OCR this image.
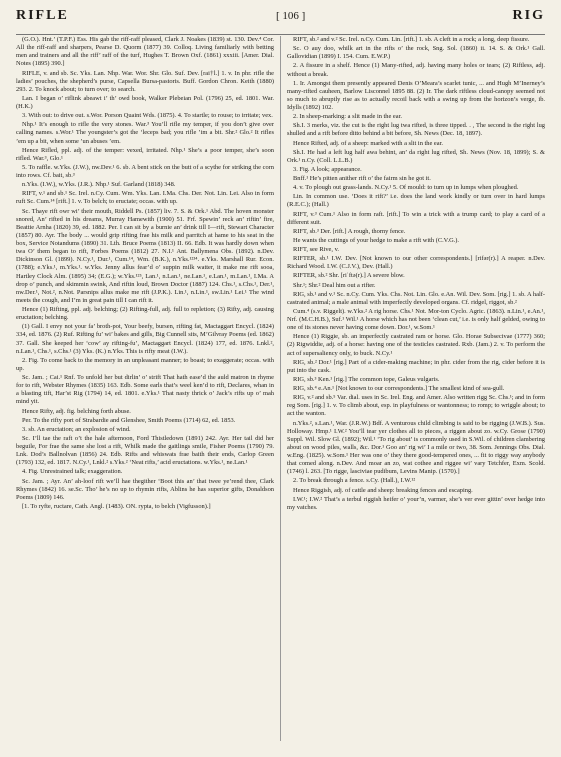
RIFLE	[ 106 ]	RIG

(G.O.). Hnt.’ (T.P.F.) Ess. His gab the riff-raff pleased, Clark J. Noakes (1839) st. 130. Dev.⁴ Cor. All the riff-raff and sharpers, Pearse D. Quorm (1877) 39. Colloq. Living familiarly with betting men and trainers and all the riff’ raff of the turf, Hughes T. Brown Oxf. (1861) xxxiii. [Amer. Dial. Notes (1895) 390.]

RIFLE, v. and sb. Sc. Yks. Lan. Nhp. War. Wor. Shr. Glo. Suf. Dev. [rai†l.] 1. v. In phr. rifle the ladies’ pouches, the shepherd’s purse, Capsella Bursa-pastoris. Buff. Gordon Chron. Keith (1880) 293. 2. To knock about; to turn over; to search.

Lan. I began o’ riflink abeawt i’ th’ owd book, Walker Plebeian Pol. (1796) 25, ed. 1801. War. (H.K.)

3. With out: to drive out. s.Wor. Porson Quaint Wds. (1875). 4. To startle; to rouse; to irritate; vex.

Nhp.¹ It’s enough to rifle the very stones. War.³ You’ll rifle my temper, if you don’t give over calling names. s.Wor.¹ The youngster’s got the ‘leceps bad; you rifle ’im a bit. Shr.² Glo.² It rifles ’em up a bit, when some ’un abuses ’em.

Hence Rifled, ppl. adj. of the temper: vexed, irritated. Nhp.¹ She’s a poor temper, she’s soon rifled. War.³, Glo.¹

5. To raffle. w.Yks. (J.W.), nw.Dev.¹ 6. sb. A bent stick on the butt of a scythe for striking the corn into rows. Cf. bait, sb.³

n.Yks. (I.W.), w.Yks. (J.R.). Nhp.¹ Suf. Garland (1818) 348.

RIFT, v.¹ and sb.¹ Sc. Irel. n.Cy. Cum. Wm. Yks. Lan. I.Ma. Chs. Der. Not. Lin. Lei. Also in form ruft Sc. Cum.¹⁴ [rift.] 1. v. To belch; to eructate; occas. with up.

Sc. Thaye rift owr wi’ their mouth, Riddell Ps. (1857) liv. 7. S. & Ork.¹ Abd. The hoven monster snored, An’ rifted in his dreams, Murray Hamewith (1900) 51. Frf. Spewin’ reck an’ riftin’ fire, Beattie Arnha (1820) 39, ed. 1882. Per. I can sit by a burnie an’ drink till I—rift, Stewart Character (1857) 80. Ayr. The body ... would grip rifting frae his milk and parritch at hame to his seat in the box, Service Notandums (1890) 31. Lth. Bruce Poems (1813) II. 66. Edb. It was hardly down when twa O’ them began to rift, Forbes Poems (1812) 27. N.I.¹ Ant. Ballymena Obs. (1892). n.Dev. Dickinson Gl. (1899). N.Cy.¹, Dur.¹, Cum.¹⁴, Wm. (B.K.), n.Yks.¹²³⁴. e.Yks. Marshall Rur. Econ. (1788); e.Yks.¹, m.Yks.¹. w.Yks. Jenny allus fear’d o’ suppin milk watter, it make me rift sooa, Hartley Clock Alm. (1895) 34; (E.G.); w.Yks.¹²⁵, Lan.¹, n.Lan.¹, ne.Lan.¹, e.Lan.¹, m.Lan.¹, I.Ma. A drop o’ punch, and skimmin swink, And riftin loud, Brown Doctor (1887) 124. Chs.¹, s.Chs.¹, Der.¹, nw.Der.¹, Not.², n.Not. Parsnips allus make me rift (J.P.K.). Lin.¹, n.Lin.¹, sw.Lin.¹ Lei.¹ The wind meets the cough, and I’m in great pain till I can rift it.

Hence (1) Rifting, ppl. adj. belching; (2) Rifting-full, adj. full to repletion; (3) Rifty, adj. causing eructation; belching.

(1) Gall. I envy not your fa’ broth-pot, Your beefy, bursen, rifting fat, Mactaggart Encycl. (1824) 334, ed. 1876. (2) Ruf. Rifting fu’ wi’ bakes and gills, Big Cunnell sits, M’Gilvray Poems (ed. 1862) 37. Gall. She keeped her ‘cow’ ay rifting-fu’, Mactaggart Encycl. (1824) 177, ed. 1876. Lnkl.², n.Lan.¹, Chs.¹, s.Chs.¹ (3) Yks. (K.) n.Yks. This is rifty meat (I.W.).

2. Fig. To come back to the memory in an unpleasant manner; to boast; to exaggerate; occas. with up.

Sc. Jam. ; Cai.¹ Rnf. To unfold her but dirlin’ o’ strift That hath ease’d the auld matron in rhyme for to rift, Webster Rhymes (1835) 163. Edb. Some earls that’s weel ken’d to rift, Declares, whan in a blasting tift, Har’st Rig (1794) 14, ed. 1801. e.Yks.¹ That nasty thrick o’ Jack’s rifts up o’ mah mind yit.

Hence Rifty, adj. fig. belching forth abuse.

Per. To the rifty port of Strabardie and Glenshee, Smith Poems (1714) 62, ed. 1853.

3. sb. An eructation; an explosion of wind.

Sc. I’ll tae the raft o’t the hale afternoon, Ford Thistledown (1891) 242. Ayr. Her tail did her beguile, For frae the same she lost a rift, Whilk made the gaitlings smile, Fisher Poems (1790) 79. Lnk. Dod’s Ballnolvan (1856) 24. Edb. Rifts and whiswats frae baith their ends, Carlop Green (1793) 132, ed. 1817. N.Cy.¹, Lnkl.² s.Yks.² ‘Neat rifts,’ acid eructations. w.Yks.¹, ne.Lan.¹

4. Fig. Unrestrained talk; exaggeration.

Sc. Jam. ; Ayr. An’ ah-loof rift we’ll hae thegither ‘Boot this an’ that twee ye’rend thee, Clark Rhymes (1842) 16. se.Sc. Tho’ he’s no up to rhymin rifts, Ablins he has superior gifts, Donaldson Poems (1809) 146.

[1. To ryfte, ructare, Cath. Angl. (1483). ON. rypta, to belch (Vigfusson).]

RIFT, sb.² and v.² Sc. Irel. n.Cy. Cum. Lin. [rift.] 1. sb. A cleft in a rock; a long, deep fissure.

Sc. O auy doo, whilk art in the rifts o’ the rock, Sng. Sol. (1860) ii. 14. S. & Ork.¹ Gall. Gallovidian (1899) I. 154. Cum. E.W.P.)

2. A fissure in a shelf. Hence (1) Many-rifted, adj. having many holes or tears; (2) Riftless, adj. without a break.

1. Ir. Amongst them presently appeared Denis O’Meara’s scarlet tunic, ... and Hugh M’Inerney’s many-rifted cauheen, Barlow Lisconnel 1895 88. (2) Ir. The dark riftless cloud-canopy seemed not so much to abruptly rise as to actually recoil back with a swing up from the horizon’s verge, ib. Idylls (1892) 102.

2. In sheep-marking: a slit made in the ear.

Sh.I. 3 merks, viz. the cut is the right lug twa rifted, is three tipped. . , The second is the right lug shulled and a rift before ditto behind a bit before, Sh. News (Dec. 18, 1897).

Hence Rifted, adj. of a sheep: marked with a slit in the ear.

Sh.I. He had a left lug half awa behint, an’ da right lug rifted, Sh. News (Nov. 18, 1899); S. & Ork.¹ n.Cy. (Coll. L.L.B.)

3. Fig. A look; appearance.

Bnff.¹ He’s pitten anither rift o’ the fairm sin he got it.

4. v. To plough out grass-lands. N.Cy.¹ 5. Of mould: to turn up in lumps when ploughed.

Lin. In common use. ‘Does it rift?’ i.e. does the land work kindly or turn over in hard lumps (R.E.C.); (Hall.)

RIFT, v.³ Cum.¹ Also in form raft. [rift.] To win a trick with a trump card; to play a card of a different suit.

RIFT, sb.³ Der. [rift.] A rough, thorny fence.

He wants the cuttings of your hedge to make a rift with (C.V.G.).

RIFT, see Rive, v.

RIFTER, sb.¹ I.W. Dev. [Not known to our other correspondents.] [rifər(r).] A reaper. n.Dev. Richard Wood. I.W. (C.J.V.), Dev. (Hall.)

RIFTER, sb.² Shr. [riˈftə(r).] A severe blow.

Shr.¹; Shr.² Deal him out a rifter.

RIG, sb.¹ and v.¹ Sc. n.Cy. Cum. Yks. Chs. Not. Lin. Glo. e.An. Wil. Dev. Som. [rig.] 1. sb. A half-castrated animal; a male animal with imperfectly developed organs. Cf. ridgel, riggot, sb.²

Cum.⁴ (s.v. Riggelt). w.Yks.² A rig horse. Chs.¹ Not. Mor-ton Cyclo. Agric. (1863). n.Lin.¹, e.An.¹, Nrf. (M.C.H.B.), Suf.¹ Wil.¹ A horse which has not been ‘clean cut,’ i.e. is only half gelded, owing to one of its stones never having come down. Dor.¹, w.Som.¹

Hence (1) Riggie, sb. an imperfectly castrated ram or horse. Glo. Horae Subsecivae (1777) 360; (2) Rigwiddie, adj. of a horse: having one of the testicles castrated. Rxb. (Jam.) 2. v. To perform the act of supersaliency only, to buck. N.Cy.¹

RIG, sb.² Dor.¹ [rig.] Part of a cider-making machine; in phr. cider from the rig, cider before it is put into the cask.

RIG, sb.³ Ken.¹ [rig.] The common tope, Galeus vulgaris.

RIG, sb.⁴ e.An.¹ [Not known to our correspondents.] The smallest kind of sea-gull.

RIG, v.² and sb.⁵ Var. dial. uses in Sc. Irel. Eng. and Amer. Also written rigg Sc. Chs.¹; and in form reg Som. [rig.] 1. v. To climb about, esp. in playfulness or wantonness; to romp; to wriggle about; to act the wanton.

n.Yks.², s.Lan.¹, War. (J.R.W.) Bdf. A venturous child climbing is said to be rigging (J.W.B.). Sus. Holloway. Hmp.¹ I.W.² You’ll tear yer clothes all to pieces, a riggen about zo. w.Cy. Grose (1790) Suppl. Wil. Slow Gl. (1892); Wil.¹ ‘To rig about’ is commonly used in S.Wil. of children clambering about on wood piles, walls, &c. Dor.¹ Goo an’ rig wi’ I a mile or two, 38. Som. Jennings Obs. Dial. w.Eng. (1825). w.Som.¹ Her was one o’ they there good-tempered ones, ... fit to riggy way anybody that comed along. n.Dev. And moar an zo, wat cothee and riggee wi’ vary Tetchfer, Exm. Scold. (1746) l. 263. [To rigge, lasciviae pudibum, Levins Manip. (1570).]

2. To break through a fence. s.Cy. (Hall.), I.W.¹²

Hence Riggish, adj. of cattle and sheep: breaking fences and escaping.

I.W.¹; I.W.² That’s a terbul riggish heifer o’ your’n, varmer, she’s ver ever gittin’ over hedge into my vatches.
